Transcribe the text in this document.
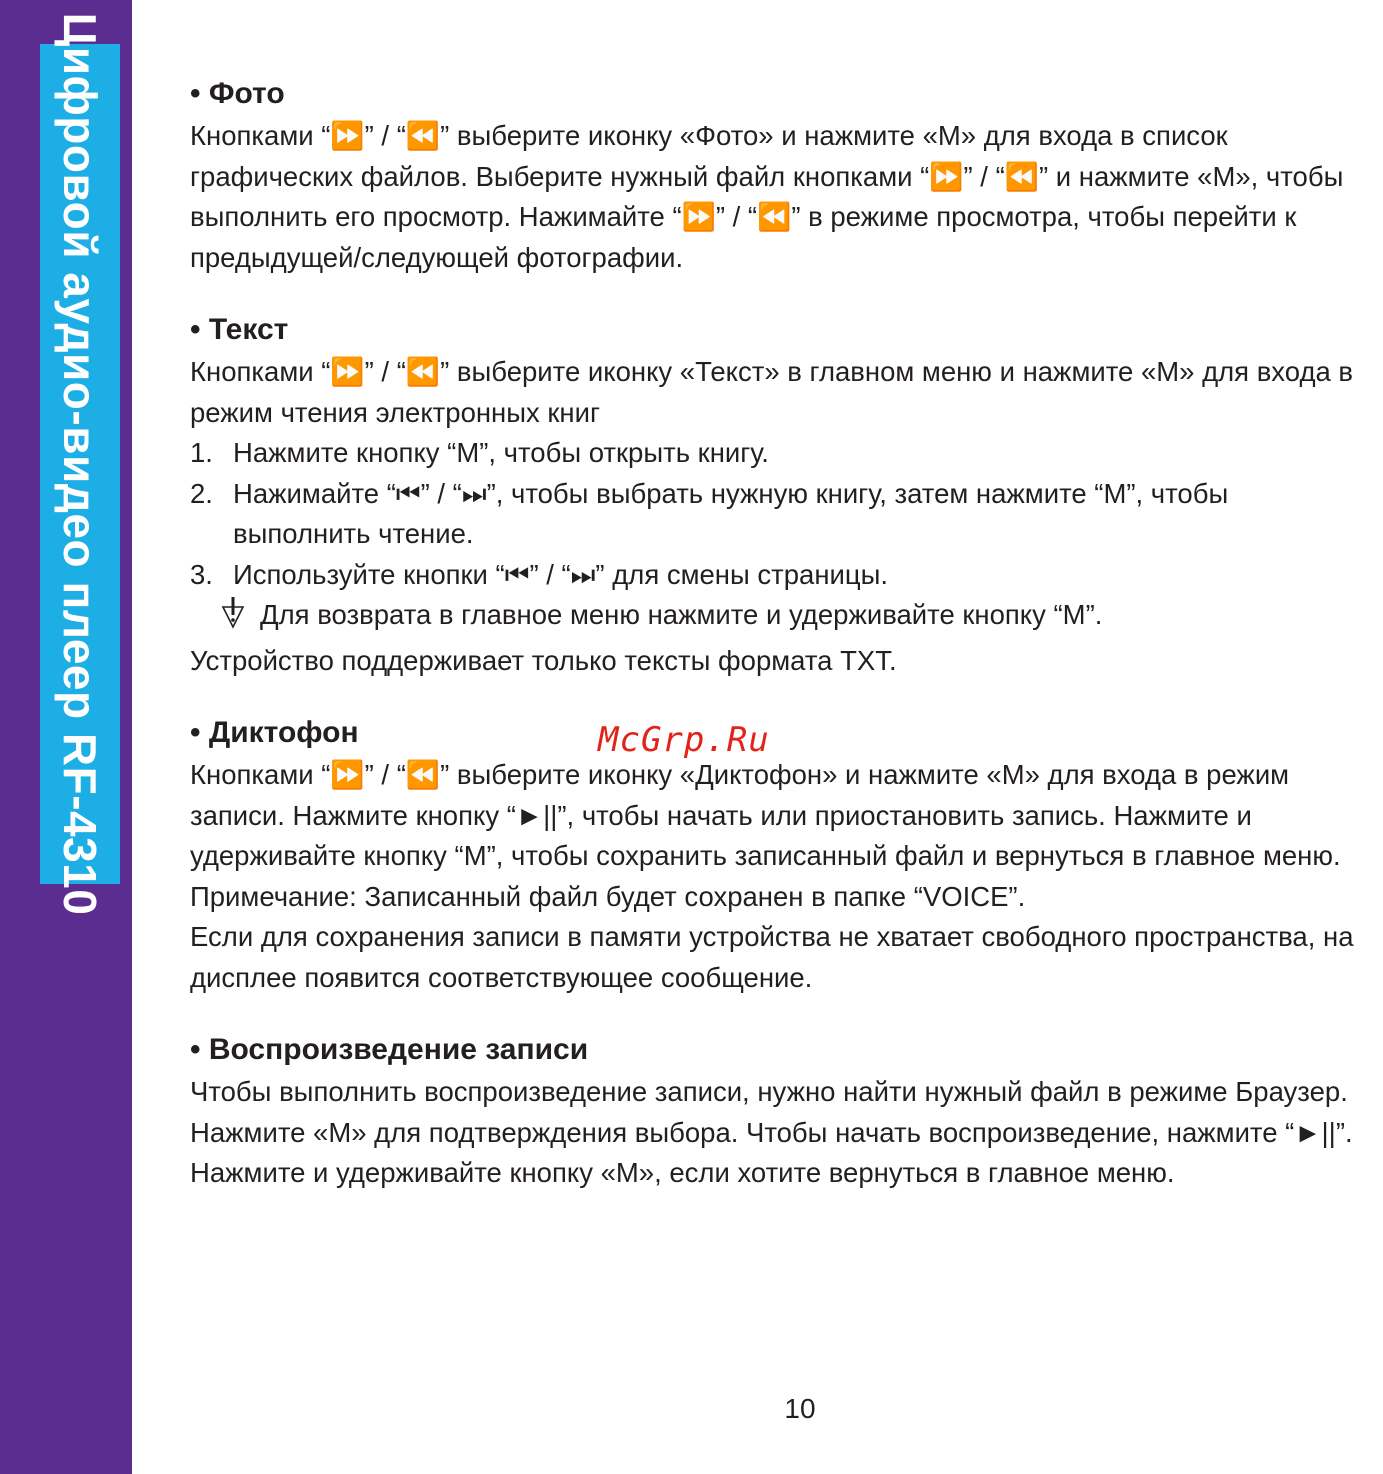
Цифровой аудио-видео плеер RF-4310	• Фото
Кнопками “⏩” / “⏪” выберите иконку «Фото» и нажмите «M» для входа в список графических файлов. Выберите нужный файл кнопками “⏩” / “⏪” и нажмите «M», чтобы выполнить его просмотр. Нажимайте “⏩” / “⏪” в режиме просмотра, чтобы перейти к предыдущей/следующей фотографии.
• Текст
Кнопками “⏩” / “⏪” выберите иконку «Текст» в главном меню и нажмите «M» для входа в режим чтения электронных книг
1. Нажмите кнопку “M”, чтобы открыть книгу.
2. Нажимайте “⏮” / “⏭”, чтобы выбрать нужную книгу, затем нажмите “M”, чтобы выполнить чтение.
3. Используйте кнопки “⏮” / “⏭” для смены страницы.
Для возврата в главное меню нажмите и удерживайте кнопку “M”.
Устройство поддерживает только тексты формата TXT.
• Диктофон
Кнопками “⏩” / “⏪” выберите иконку «Диктофон» и нажмите «M» для входа в режим записи. Нажмите кнопку “►||”, чтобы начать или приостановить запись. Нажмите и удерживайте кнопку “M”, чтобы сохранить записанный файл и вернуться в главное меню.
Примечание: Записанный файл будет сохранен в папке “VOICE”.
Если для сохранения записи в памяти устройства не хватает свободного пространства, на дисплее появится соответствующее сообщение.
• Воспроизведение записи
Чтобы выполнить воспроизведение записи, нужно найти нужный файл в режиме Браузер.
Нажмите «M» для подтверждения выбора. Чтобы начать воспроизведение, нажмите “►||”. Нажмите и удерживайте кнопку «M», если хотите вернуться в главное меню.
McGrp.Ru
10
